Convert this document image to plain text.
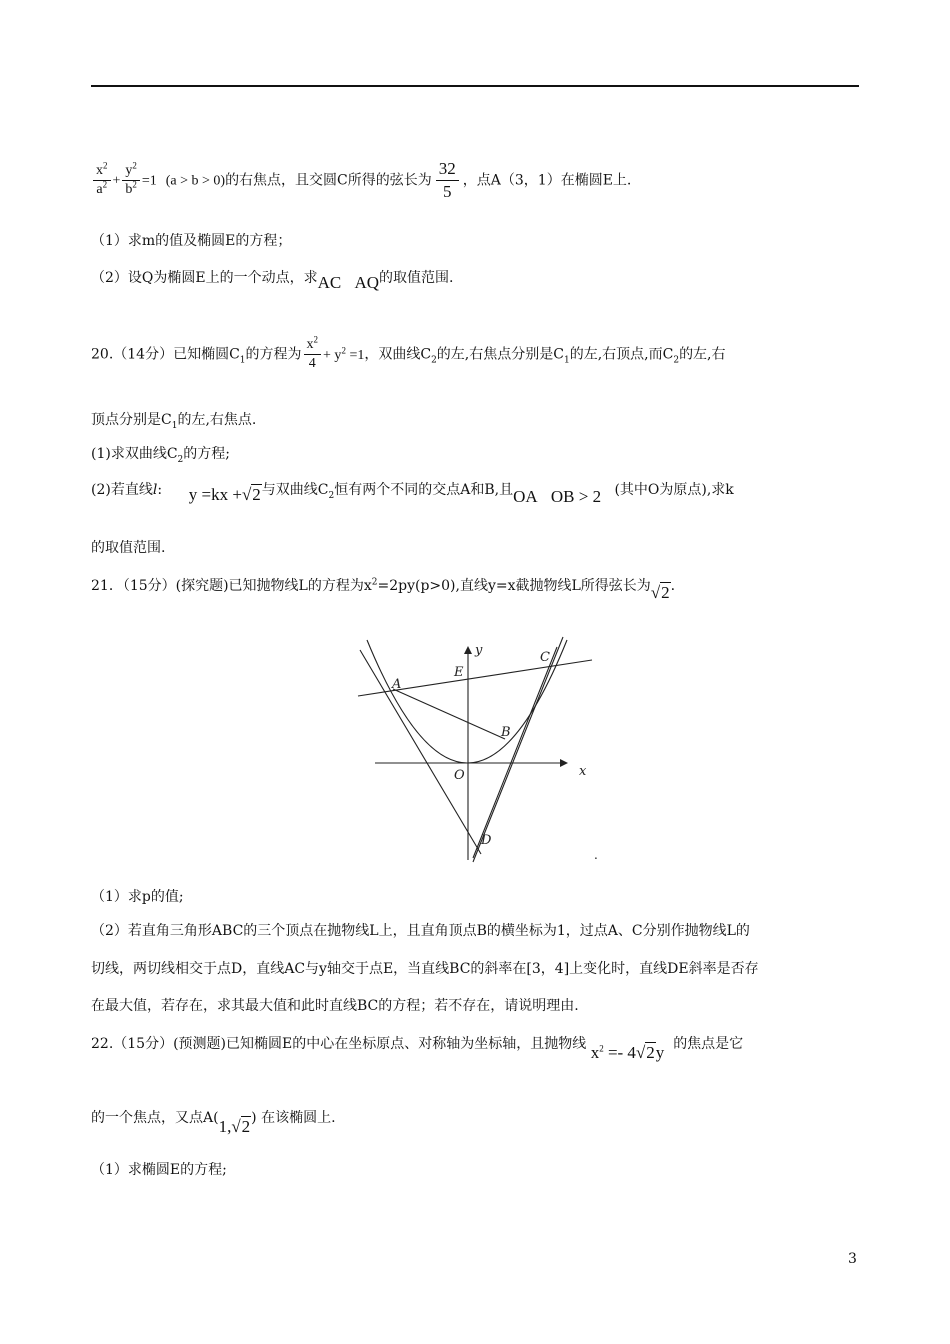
$\frac{x^2}{a^2} + \frac{y^2}{b^2} =1$ (a > b > 0)的右焦点，且交圆C所得的弦长为 $\frac{32}{5}$ ，点A（3，1）在椭圆E上.
（1）求m的值及椭圆E的方程；
（2）设Q为椭圆E上的一个动点，求AC􏰀AQ的取值范围.
20.（14分）已知椭圆$C_1$的方程为 $\frac{x^2}{4} + y^2 =1$，双曲线$C_2$的左,右焦点分别是$C_1$的左,右顶点,而$C_2$的左,右
顶点分别是$C_1$的左,右焦点.
(1)求双曲线$C_2$的方程;
(2)若直线l: y =kx +√2与双曲线$C_2$恒有两个不同的交点A和B,且OA􏰀OB > 2 (其中O为原点),求k
的取值范围.
21．（15分）(探究题)已知抛物线L的方程为$x^2=2py(p>0)$,直线y=x截抛物线L所得弦长为√2.
A
C
E
B
O
D
x
y
.
（1）求p的值;
（2）若直角三角形ABC的三个顶点在抛物线L上，且直角顶点B的横坐标为1，过点A、C分别作抛物线L的
切线，两切线相交于点D，直线AC与y轴交于点E，当直线BC的斜率在[3，4]上变化时，直线DE斜率是否存
在最大值，若存在，求其最大值和此时直线BC的方程；若不存在，请说明理由.
22.（15分）(预测题)已知椭圆E的中心在坐标原点、对称轴为坐标轴，且抛物线 $x^2 =- 4√2y$ 的焦点是它
的一个焦点，又点A(1,√2) 在该椭圆上.
（1）求椭圆E的方程;
3
